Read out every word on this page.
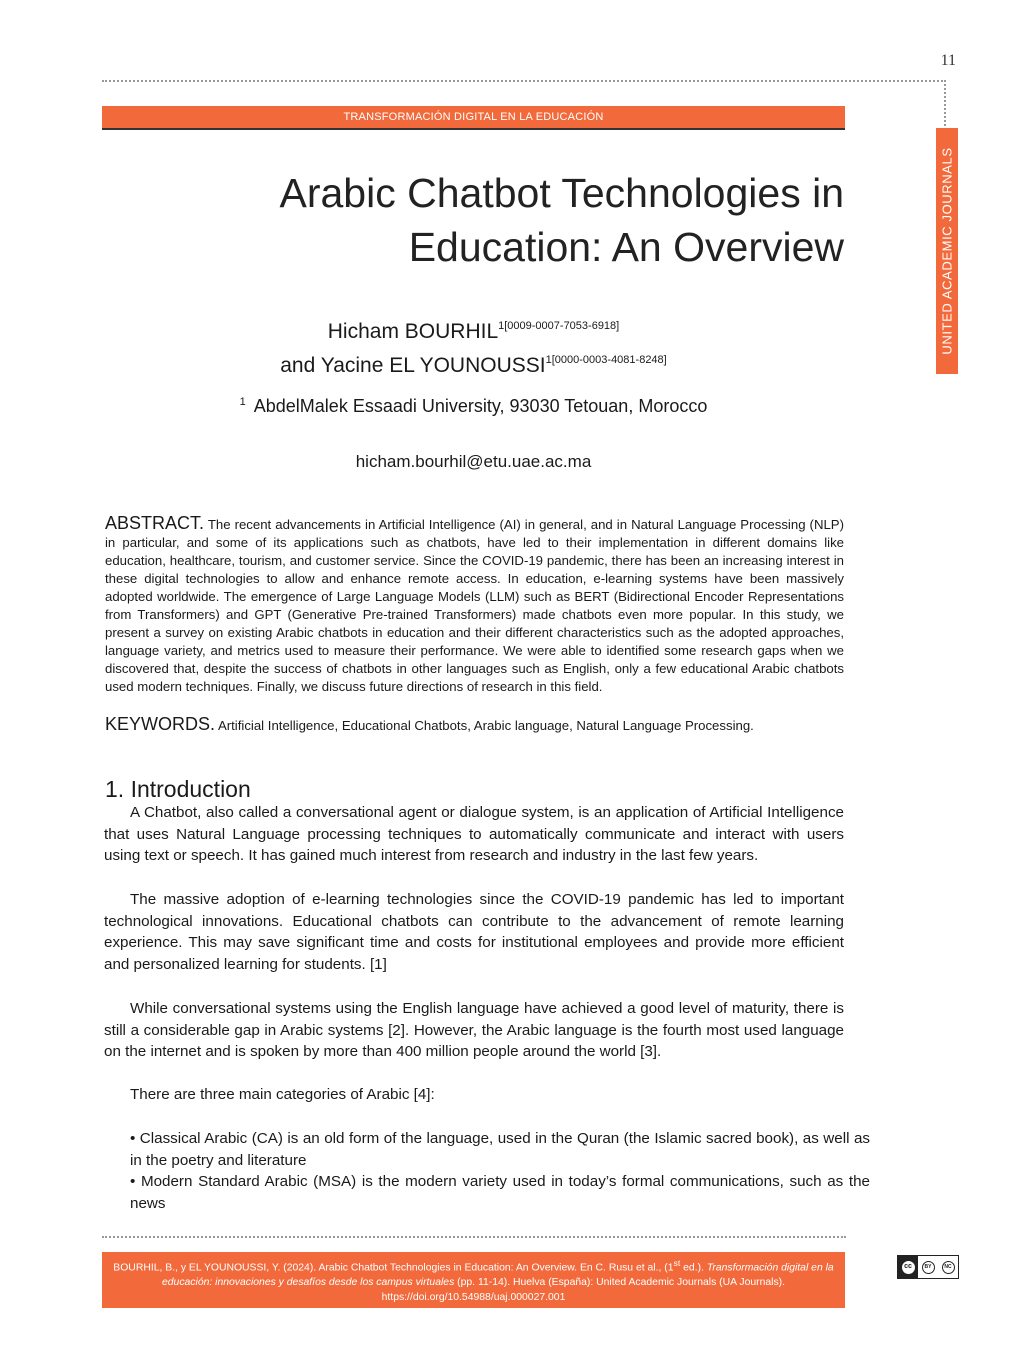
11
TRANSFORMACIÓN DIGITAL EN LA EDUCACIÓN
UNITED ACADEMIC JOURNALS
Arabic Chatbot Technologies in
Education: An Overview
Hicham $BOURHIL^{1[0009-0007-7053-6918]}$
and Yacine EL $YOUNOUSSI^{1[0000-0003-4081-8248]}$
$^1$ AbdelMalek Essaadi University, 93030 Tetouan, Morocco
hicham.bourhil@etu.uae.ac.ma
ABSTRACT. The recent advancements in Artificial Intelligence (AI) in general, and in Natural Language Processing (NLP) in particular, and some of its applications such as chatbots, have led to their implementation in different domains like education, healthcare, tourism, and customer service. Since the COVID-19 pandemic, there has been an increasing interest in these digital technologies to allow and enhance remote access. In education, e-learning systems have been massively adopted worldwide. The emergence of Large Language Models (LLM) such as BERT (Bidirectional Encoder Representations from Transformers) and GPT (Generative Pre-trained Transformers) made chatbots even more popular. In this study, we present a survey on existing Arabic chatbots in education and their different characteristics such as the adopted approaches, language variety, and metrics used to measure their performance. We were able to identified some research gaps when we discovered that, despite the success of chatbots in other languages such as English, only a few educational Arabic chatbots used modern techniques. Finally, we discuss future directions of research in this field.
KEYWORDS. Artificial Intelligence, Educational Chatbots, Arabic language, Natural Language Processing.
1. Introduction
A Chatbot, also called a conversational agent or dialogue system, is an application of Artificial Intelligence that uses Natural Language processing techniques to automatically communicate and interact with users using text or speech. It has gained much interest from research and industry in the last few years.
The massive adoption of e-learning technologies since the COVID-19 pandemic has led to important technological innovations. Educational chatbots can contribute to the advancement of remote learning experience. This may save significant time and costs for institutional employees and provide more efficient and personalized learning for students. [1]
While conversational systems using the English language have achieved a good level of maturity, there is still a considerable gap in Arabic systems [2]. However, the Arabic language is the fourth most used language on the internet and is spoken by more than 400 million people around the world [3].
There are three main categories of Arabic [4]:
• Classical Arabic (CA) is an old form of the language, used in the Quran (the Islamic sacred book), as well as in the poetry and literature
• Modern Standard Arabic (MSA) is the modern variety used in today’s formal communications, such as the news
BOURHIL, B., y EL YOUNOUSSI, Y. (2024). Arabic Chatbot Technologies in Education: An Overview. En C. Rusu et al., (1st ed.). Transformación digital en la educación: innovaciones y desafíos desde los campus virtuales (pp. 11-14). Huelva (España): United Academic Journals (UA Journals).
https://doi.org/10.54988/uaj.000027.001
cc	BY	NC
